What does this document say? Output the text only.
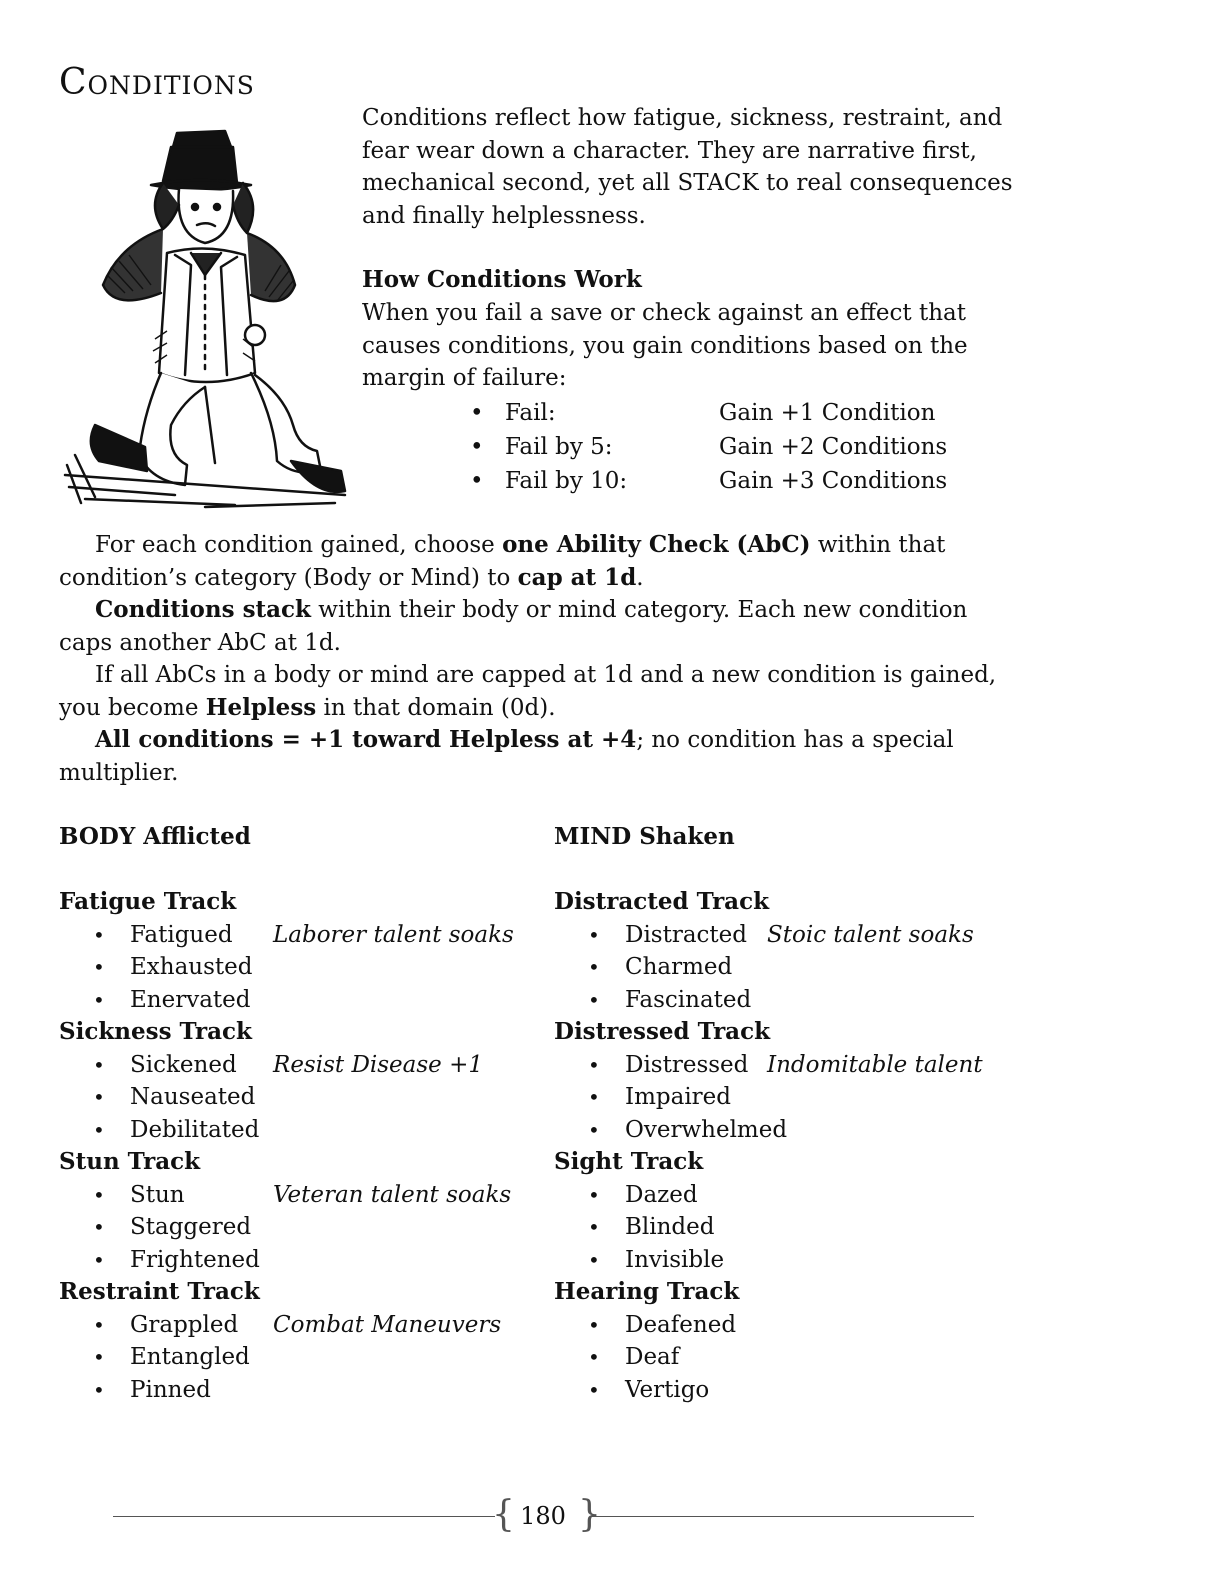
Conditions

Conditions reflect how fatigue, sickness, restraint, and fear wear down a character. They are narrative first, mechanical second, yet all STACK to real consequences and finally helplessness.

How Conditions Work

When you fail a save or check against an effect that causes conditions, you gain conditions based on the margin of failure:

• Fail:	Gain +1 Condition
• Fail by 5:	Gain +2 Conditions
• Fail by 10:	Gain +3 Conditions

For each condition gained, choose one Ability Check (AbC) within that condition’s category (Body or Mind) to cap at 1d.

Conditions stack within their body or mind category. Each new condition caps another AbC at 1d.

If all AbCs in a body or mind are capped at 1d and a new condition is gained, you become Helpless in that domain (0d).

All conditions = +1 toward Helpless at +4; no condition has a special multiplier.

BODY Afflicted
Fatigue Track
• Fatigued Laborer talent soaks
• Exhausted
• Enervated
Sickness Track
• Sickened Resist Disease +1
• Nauseated
• Debilitated
Stun Track
• Stun	Veteran talent soaks
• Staggered
• Frightened
Restraint Track
• Grappled Combat Maneuvers
• Entangled
• Pinned
MIND Shaken
Distracted Track
• Distracted Stoic talent soaks
• Charmed
• Fascinated
Distressed Track
• Distressed Indomitable talent
• Impaired
• Overwhelmed
Sight Track
• Dazed
• Blinded
• Invisible
Hearing Track
• Deafened
• Deaf
• Vertigo
{ 180 }
